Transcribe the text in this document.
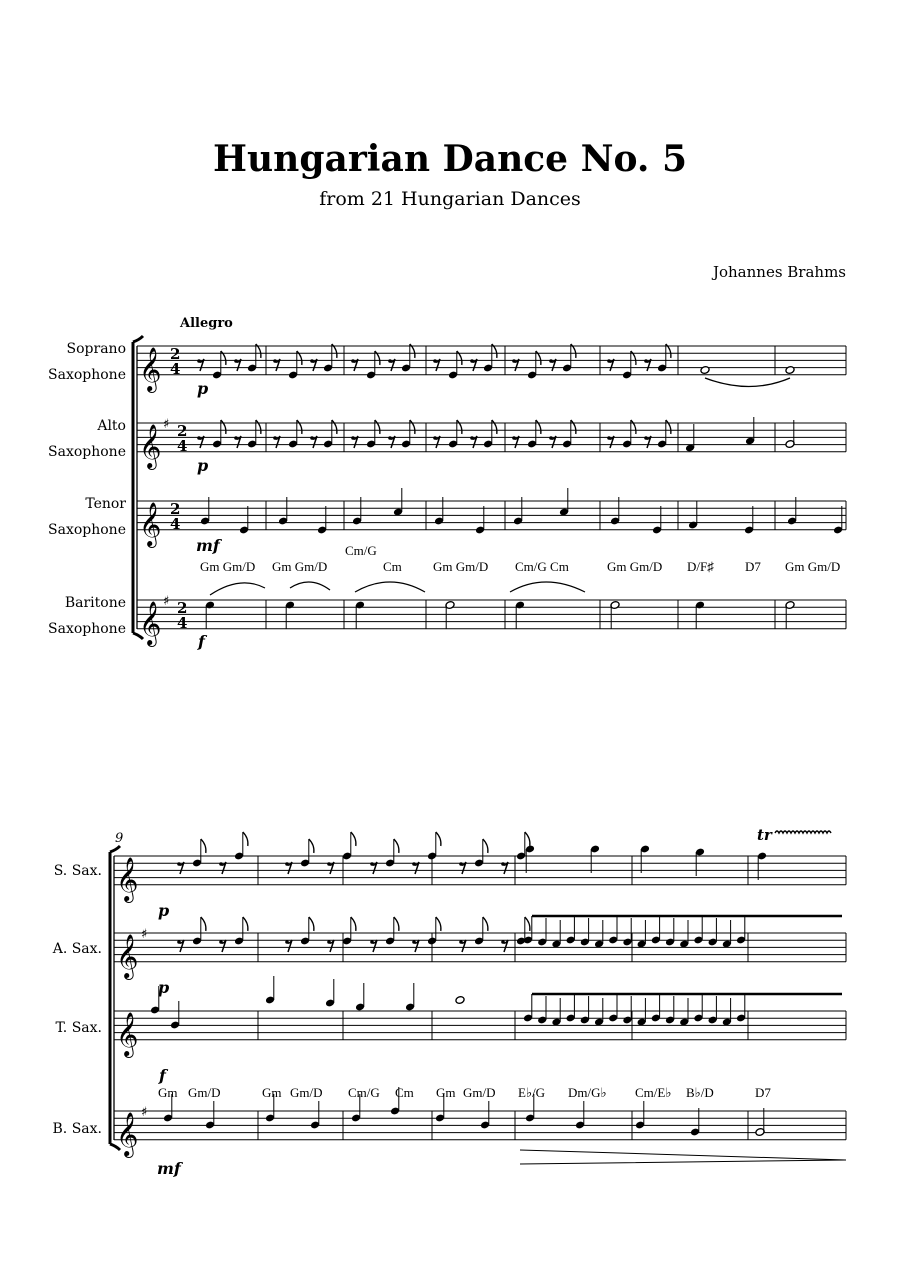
Hungarian Dance No. 5
from 21 Hungarian Dances
Johannes Brahms
Soprano
Saxophone
Alto
Saxophone
Tenor
Saxophone
Baritone
Saxophone
Allegro
p
p
mf
f
Gm Gm/D Gm Gm/D
Cm/G
Cm Gm Gm/D Cm/G Cm	Gm Gm/D D/F♯ D7 Gm Gm/D
9
S. Sax.
A. Sax.
T. Sax.
B. Sax.
p
p
f
mf
Gm Gm/D	Gm Gm/D Cm/G Cm Gm Gm/D E♭/G Dm/G♭ Cm/E♭ B♭/D	D7
tr
𝄞 2
4
𝄞 ♯ 2
4
𝄞 2
4
𝄞 ♯ 2
4
𝄞
𝄞 ♯
𝄞
𝄞 ♯
